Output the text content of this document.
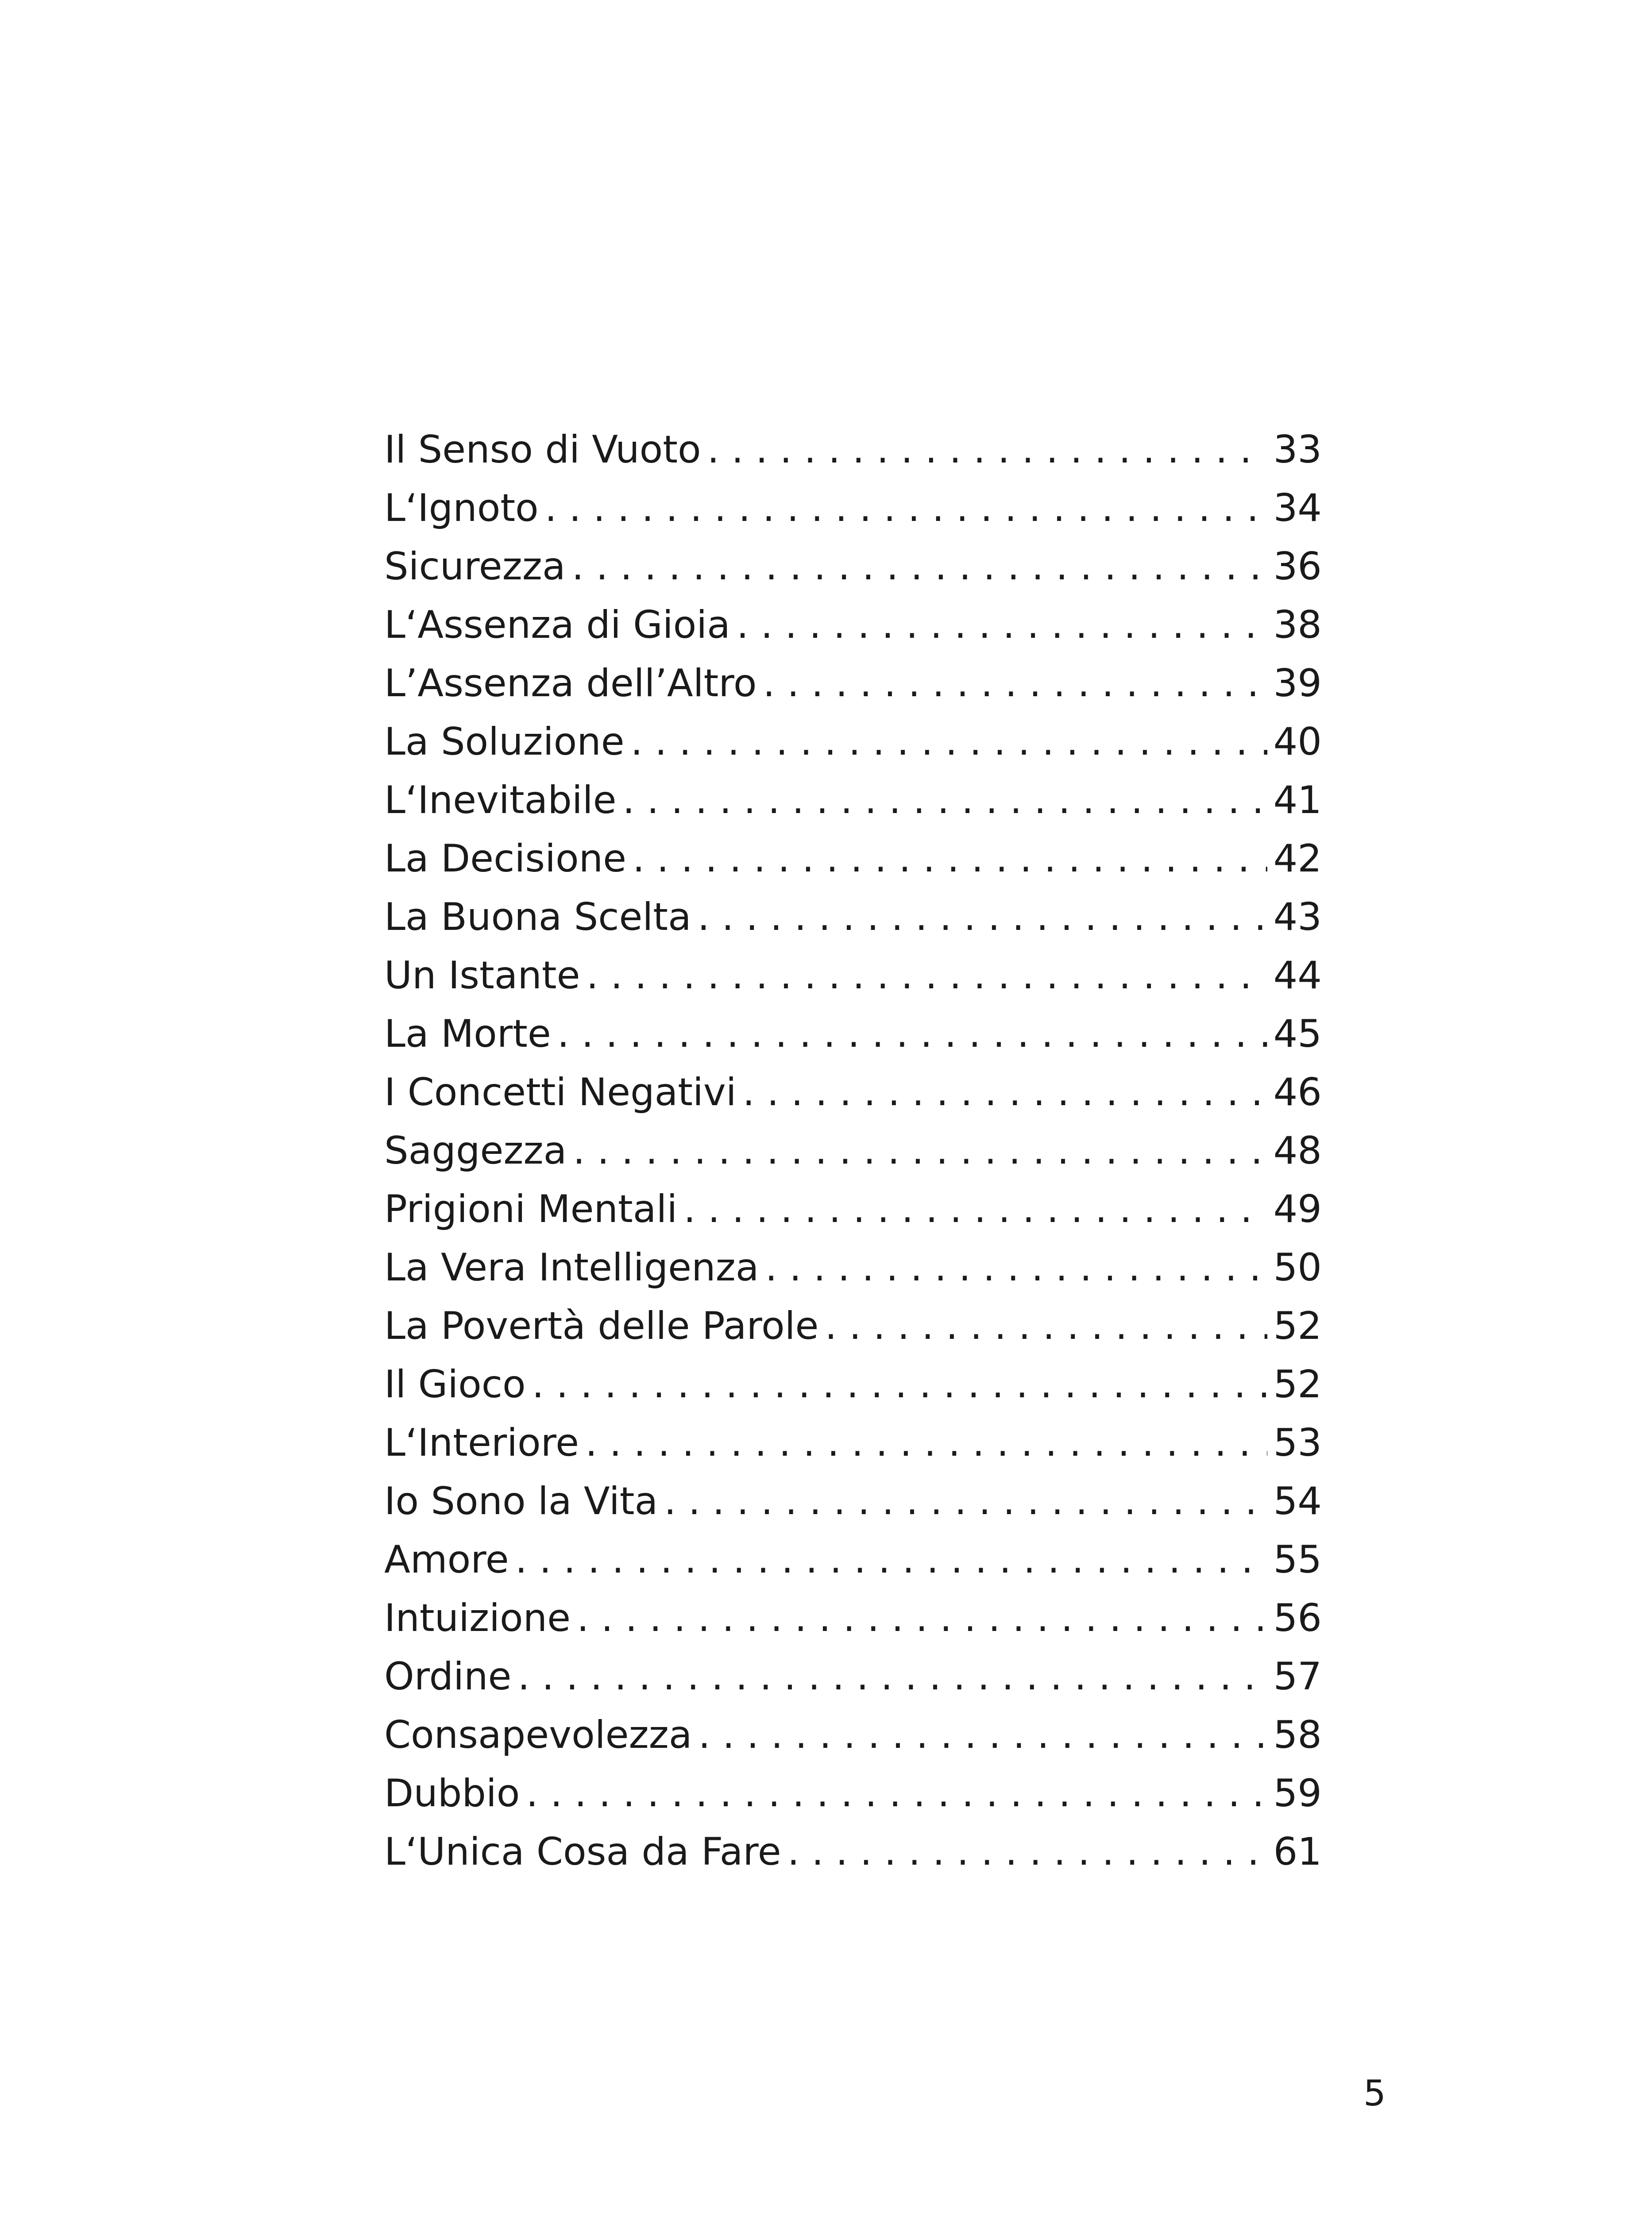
Il Senso di Vuoto . . .	33
L‘Ignoto . . .	34
Sicurezza . . .	36
L‘Assenza di Gioia . . .	38
L’Assenza dell’Altro . . .	39
La Soluzione . . .	40
L‘Inevitabile . . .	41
La Decisione . . .	42
La Buona Scelta . . .	43
Un Istante . . .	44
La Morte . . .	45
I Concetti Negativi . . .	46
Saggezza . . .	48
Prigioni Mentali . . .	49
La Vera Intelligenza . . .	50
La Povertà delle Parole . . .	52
Il Gioco . . .	52
L‘Interiore . . .	53
Io Sono la Vita . . .	54
Amore . . .	55
Intuizione . . .	56
Ordine . . .	57
Consapevolezza . . .	58
Dubbio . . .	59
L‘Unica Cosa da Fare . . .	61
5
